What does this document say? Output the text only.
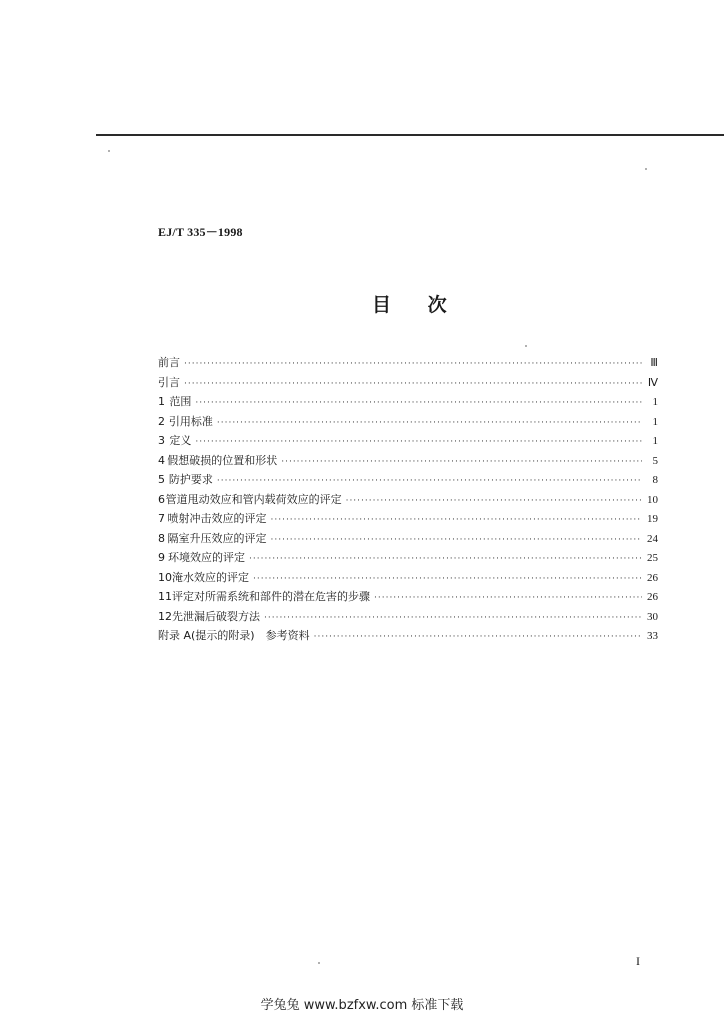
EJ/T 335－1998
目 次
前言 ·····	Ⅲ
引言 ·····	Ⅳ
1 范围 ·····	1
2 引用标准 ·····	1
3 定义 ·····	1
4 假想破损的位置和形状 ·····	5
5 防护要求 ·····	8
6 管道甩动效应和管内载荷效应的评定 ·····	10
7 喷射冲击效应的评定 ·····	19
8 隔室升压效应的评定 ·····	24
9 环境效应的评定 ·····	25
10 淹水效应的评定 ·····	26
11 评定对所需系统和部件的潜在危害的步骤 ·····	26
12 先泄漏后破裂方法 ·····	30
附录 A(提示的附录)　参考资料 ·····	33
I
学兔兔 www.bzfxw.com 标准下载
